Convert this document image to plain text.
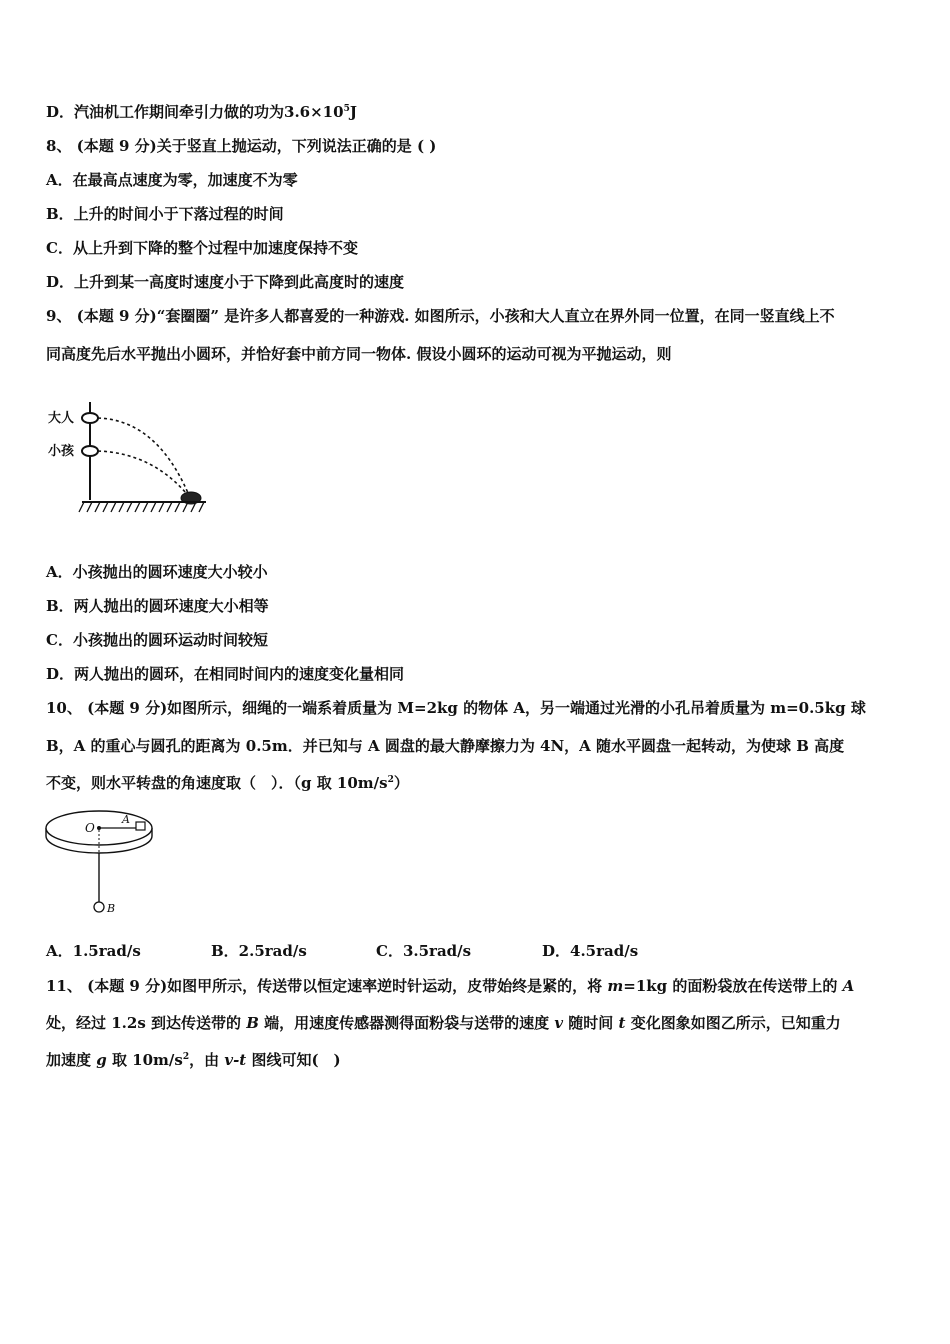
D．汽油机工作期间牵引力做的功为$3.6\times 10^5J$
8、 (本题 9 分)关于竖直上抛运动，下列说法正确的是 ( )
A．在最高点速度为零，加速度不为零
B．上升的时间小于下落过程的时间
C．从上升到下降的整个过程中加速度保持不变
D．上升到某一高度时速度小于下降到此高度时的速度
9、 (本题 9 分)“套圈圈” 是许多人都喜爱的一种游戏. 如图所示，小孩和大人直立在界外同一位置，在同一竖直线上不
同高度先后水平抛出小圆环，并恰好套中前方同一物体. 假设小圆环的运动可视为平抛运动，则
大人
小孩
A．小孩抛出的圆环速度大小较小
B．两人抛出的圆环速度大小相等
C．小孩抛出的圆环运动时间较短
D．两人抛出的圆环，在相同时间内的速度变化量相同
10、 (本题 9 分)如图所示，细绳的一端系着质量为 M=2kg 的物体 A，另一端通过光滑的小孔吊着质量为 m=0.5kg 球
B，A 的重心与圆孔的距离为 0.5m．并已知与 A 圆盘的最大静摩擦力为 4N，A 随水平圆盘一起转动，为使球 B 高度
不变，则水平转盘的角速度取（　）．（g 取 $10m/s^2$）
O
A
B
A．1.5rad/s	B．2.5rad/s	C．3.5rad/s	D．4.5rad/s
11、 (本题 9 分)如图甲所示，传送带以恒定速率逆时针运动，皮带始终是紧的，将 m=1kg 的面粉袋放在传送带上的 A
处，经过 1.2s 到达传送带的 B 端，用速度传感器测得面粉袋与送带的速度 v 随时间 t 变化图象如图乙所示，已知重力
加速度 g 取 $10m/s^2$，由 v-t 图线可知(　)
